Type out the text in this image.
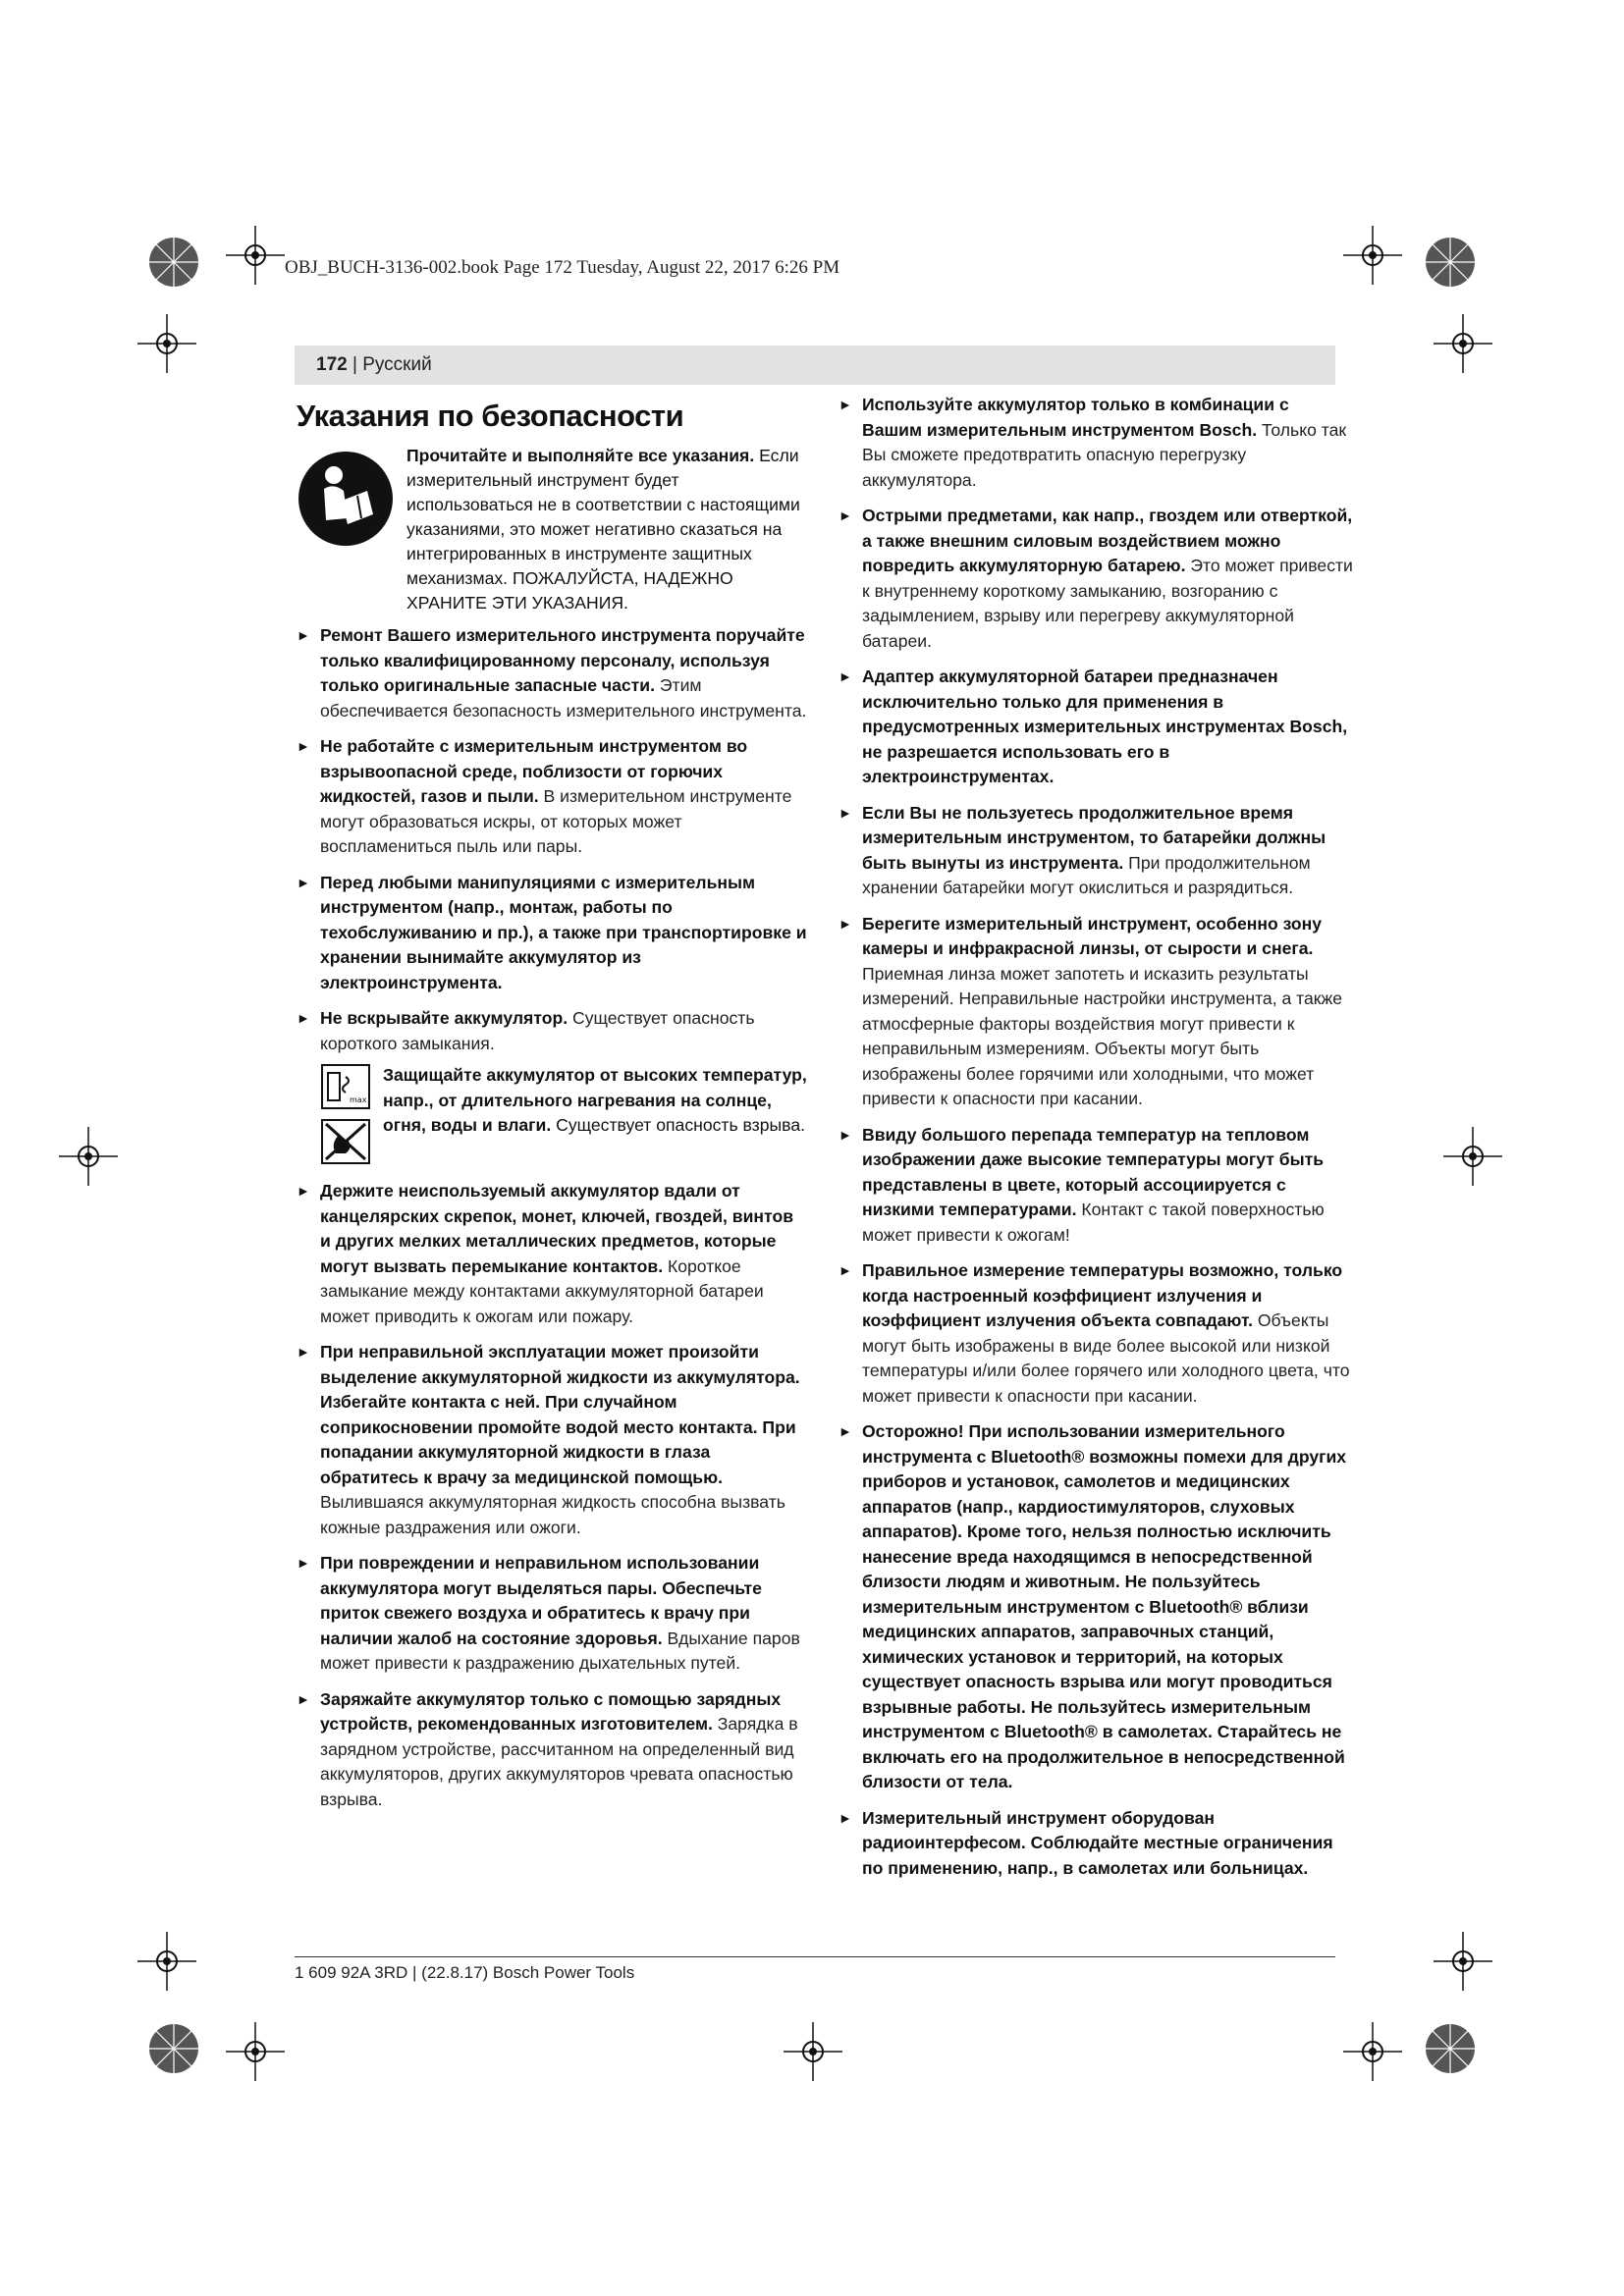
OBJ_BUCH-3136-002.book Page 172 Tuesday, August 22, 2017 6:26 PM
172 | Русский
Указания по безопасности
Прочитайте и выполняйте все указания. Если измерительный инструмент будет использоваться не в соответствии с настоящими указаниями, это может негативно сказаться на интегрированных в инструменте защитных механизмах. ПОЖАЛУЙСТА, НАДЕЖНО ХРАНИТЕ ЭТИ УКАЗАНИЯ.
► Ремонт Вашего измерительного инструмента поручайте только квалифицированному персоналу, используя только оригинальные запасные части. Этим обеспечивается безопасность измерительного инструмента.
► Не работайте с измерительным инструментом во взрывоопасной среде, поблизости от горючих жидкостей, газов и пыли. В измерительном инструменте могут образоваться искры, от которых может воспламениться пыль или пары.
► Перед любыми манипуляциями с измерительным инструментом (напр., монтаж, работы по техобслуживанию и пр.), а также при транспортировке и хранении вынимайте аккумулятор из электроинструмента.
► Не вскрывайте аккумулятор. Существует опасность короткого замыкания.
max
Защищайте аккумулятор от высоких температур, напр., от длительного нагревания на солнце, огня, воды и влаги. Существует опасность взрыва.
► Держите неиспользуемый аккумулятор вдали от канцелярских скрепок, монет, ключей, гвоздей, винтов и других мелких металлических предметов, которые могут вызвать перемыкание контактов. Короткое замыкание между контактами аккумуляторной батареи может приводить к ожогам или пожару.
► При неправильной эксплуатации может произойти выделение аккумуляторной жидкости из аккумулятора. Избегайте контакта с ней. При случайном соприкосновении промойте водой место контакта. При попадании аккумуляторной жидкости в глаза обратитесь к врачу за медицинской помощью. Вылившаяся аккумуляторная жидкость способна вызвать кожные раздражения или ожоги.
► При повреждении и неправильном использовании аккумулятора могут выделяться пары. Обеспечьте приток свежего воздуха и обратитесь к врачу при наличии жалоб на состояние здоровья. Вдыхание паров может привести к раздражению дыхательных путей.
► Заряжайте аккумулятор только с помощью зарядных устройств, рекомендованных изготовителем. Зарядка в зарядном устройстве, рассчитанном на определенный вид аккумуляторов, других аккумуляторов чревата опасностью взрыва.
► Используйте аккумулятор только в комбинации с Вашим измерительным инструментом Bosch. Только так Вы сможете предотвратить опасную перегрузку аккумулятора.
► Острыми предметами, как напр., гвоздем или отверткой, а также внешним силовым воздействием можно повредить аккумуляторную батарею. Это может привести к внутреннему короткому замыканию, возгоранию с задымлением, взрыву или перегреву аккумуляторной батареи.
► Адаптер аккумуляторной батареи предназначен исключительно только для применения в предусмотренных измерительных инструментах Bosch, не разрешается использовать его в электроинструментах.
► Если Вы не пользуетесь продолжительное время измерительным инструментом, то батарейки должны быть вынуты из инструмента. При продолжительном хранении батарейки могут окислиться и разрядиться.
► Берегите измерительный инструмент, особенно зону камеры и инфракрасной линзы, от сырости и снега. Приемная линза может запотеть и исказить результаты измерений. Неправильные настройки инструмента, а также атмосферные факторы воздействия могут привести к неправильным измерениям. Объекты могут быть изображены более горячими или холодными, что может привести к опасности при касании.
► Ввиду большого перепада температур на тепловом изображении даже высокие температуры могут быть представлены в цвете, который ассоциируется с низкими температурами. Контакт с такой поверхностью может привести к ожогам!
► Правильное измерение температуры возможно, только когда настроенный коэффициент излучения и коэффициент излучения объекта совпадают. Объекты могут быть изображены в виде более высокой или низкой температуры и/или более горячего или холодного цвета, что может привести к опасности при касании.
► Осторожно! При использовании измерительного инструмента с Bluetooth® возможны помехи для других приборов и установок, самолетов и медицинских аппаратов (напр., кардиостимуляторов, слуховых аппаратов). Кроме того, нельзя полностью исключить нанесение вреда находящимся в непосредственной близости людям и животным. Не пользуйтесь измерительным инструментом с Bluetooth® вблизи медицинских аппаратов, заправочных станций, химических установок и территорий, на которых существует опасность взрыва или могут проводиться взрывные работы. Не пользуйтесь измерительным инструментом с Bluetooth® в самолетах. Старайтесь не включать его на продолжительное в непосредственной близости от тела.
► Измерительный инструмент оборудован радиоинтерфесом. Соблюдайте местные ограничения по применению, напр., в самолетах или больницах.
1 609 92A 3RD | (22.8.17) Bosch Power Tools
